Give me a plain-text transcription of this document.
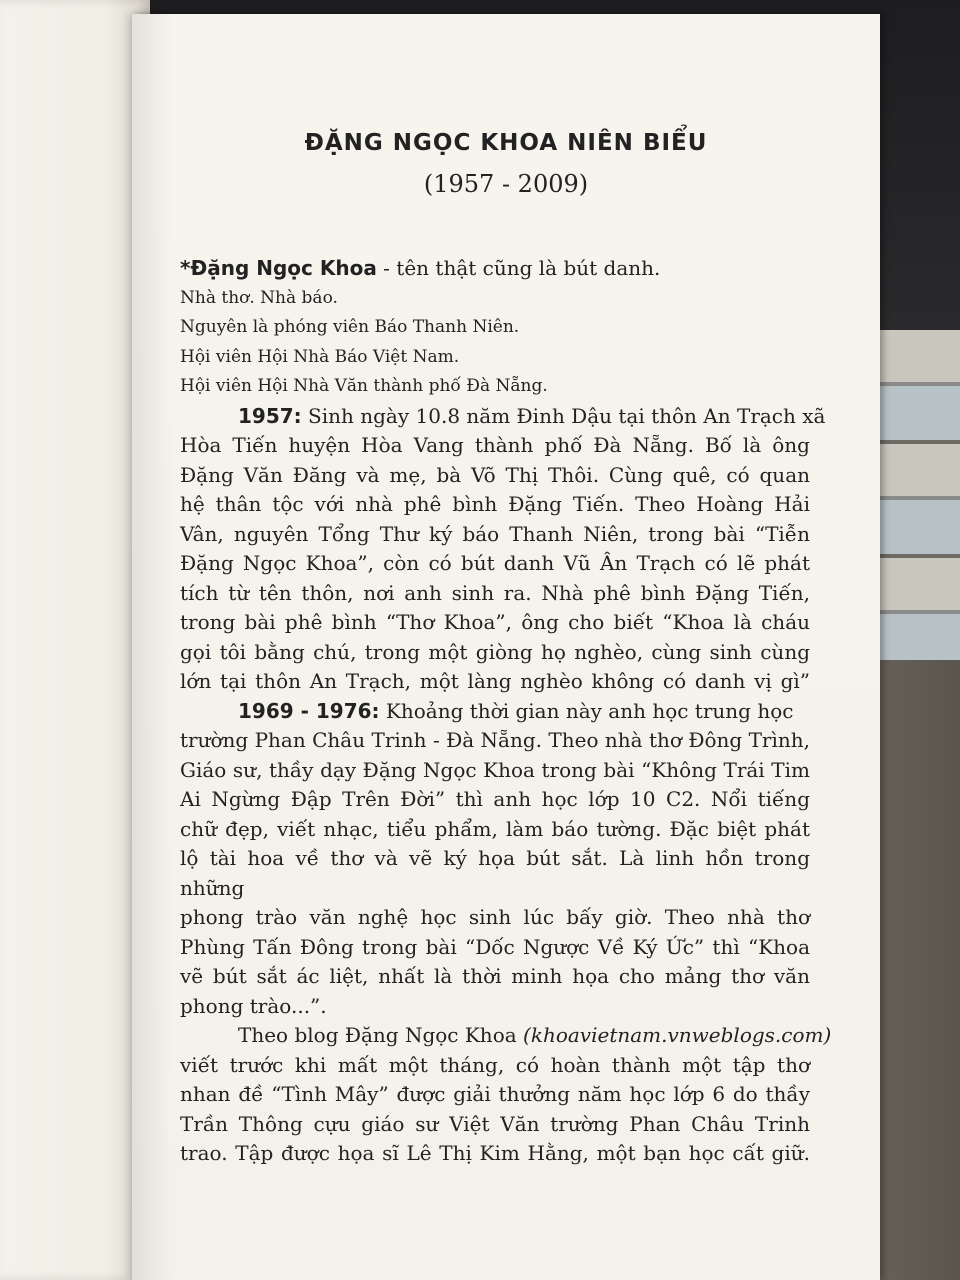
ĐẶNG NGỌC KHOA NIÊN BIỂU
(1957 - 2009)
*Đặng Ngọc Khoa - tên thật cũng là bút danh.
Nhà thơ. Nhà báo.
Nguyên là phóng viên Báo Thanh Niên.
Hội viên Hội Nhà Báo Việt Nam.
Hội viên Hội Nhà Văn thành phố Đà Nẵng.
1957: Sinh ngày 10.8 năm Đinh Dậu tại thôn An Trạch xã
Hòa Tiến huyện Hòa Vang thành phố Đà Nẵng. Bố là ông
Đặng Văn Đăng và mẹ, bà Võ Thị Thôi. Cùng quê, có quan
hệ thân tộc với nhà phê bình Đặng Tiến. Theo Hoàng Hải
Vân, nguyên Tổng Thư ký báo Thanh Niên, trong bài “Tiễn
Đặng Ngọc Khoa”, còn có bút danh Vũ Ân Trạch có lẽ phát
tích từ tên thôn, nơi anh sinh ra. Nhà phê bình Đặng Tiến,
trong bài phê bình “Thơ Khoa”, ông cho biết “Khoa là cháu
gọi tôi bằng chú, trong một giòng họ nghèo, cùng sinh cùng
lớn tại thôn An Trạch, một làng nghèo không có danh vị gì”
1969 - 1976: Khoảng thời gian này anh học trung học
trường Phan Châu Trinh - Đà Nẵng. Theo nhà thơ Đông Trình,
Giáo sư, thầy dạy Đặng Ngọc Khoa trong bài “Không Trái Tim
Ai Ngừng Đập Trên Đời” thì anh học lớp 10 C2. Nổi tiếng
chữ đẹp, viết nhạc, tiểu phẩm, làm báo tường. Đặc biệt phát
lộ tài hoa về thơ và vẽ ký họa bút sắt. Là linh hồn trong những
phong trào văn nghệ học sinh lúc bấy giờ. Theo nhà thơ
Phùng Tấn Đông trong bài “Dốc Ngược Về Ký Ức” thì “Khoa
vẽ bút sắt ác liệt, nhất là thời minh họa cho mảng thơ văn
phong trào...”.
Theo blog Đặng Ngọc Khoa (khoavietnam.vnweblogs.com)
viết trước khi mất một tháng, có hoàn thành một tập thơ
nhan đề “Tình Mây” được giải thưởng năm học lớp 6 do thầy
Trần Thông cựu giáo sư Việt Văn trường Phan Châu Trinh
trao. Tập được họa sĩ Lê Thị Kim Hằng, một bạn học cất giữ.
